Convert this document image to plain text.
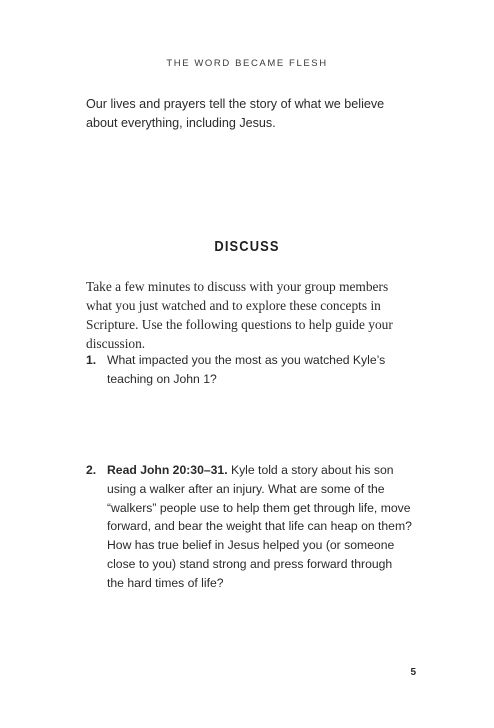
THE WORD BECAME FLESH
Our lives and prayers tell the story of what we believe about everything, including Jesus.
DISCUSS
Take a few minutes to discuss with your group members what you just watched and to explore these concepts in Scripture. Use the following questions to help guide your discussion.
1. What impacted you the most as you watched Kyle’s teaching on John 1?
2. Read John 20:30–31. Kyle told a story about his son using a walker after an injury. What are some of the “walkers” people use to help them get through life, move forward, and bear the weight that life can heap on them? How has true belief in Jesus helped you (or someone close to you) stand strong and press forward through the hard times of life?
5
